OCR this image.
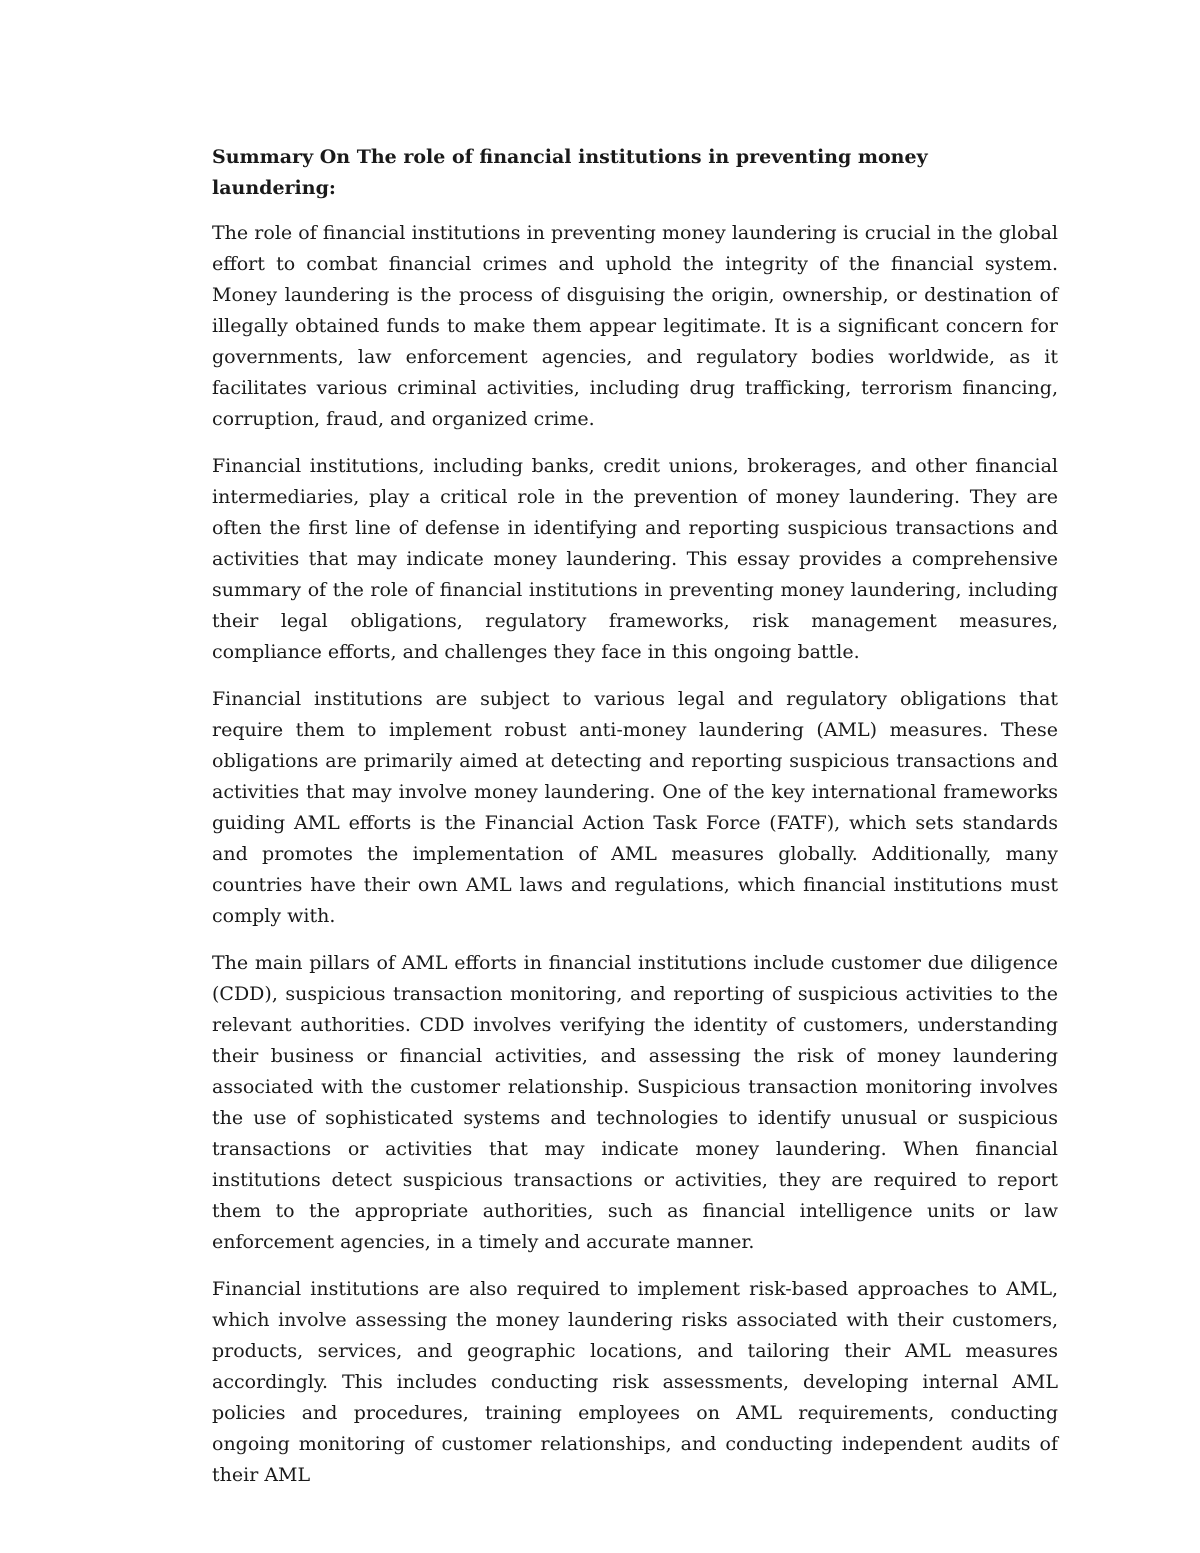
Summary On The role of financial institutions in preventing money laundering:

The role of financial institutions in preventing money laundering is crucial in the global effort to combat financial crimes and uphold the integrity of the financial system. Money laundering is the process of disguising the origin, ownership, or destination of illegally obtained funds to make them appear legitimate. It is a significant concern for governments, law enforcement agencies, and regulatory bodies worldwide, as it facilitates various criminal activities, including drug trafficking, terrorism financing, corruption, fraud, and organized crime.

Financial institutions, including banks, credit unions, brokerages, and other financial intermediaries, play a critical role in the prevention of money laundering. They are often the first line of defense in identifying and reporting suspicious transactions and activities that may indicate money laundering. This essay provides a comprehensive summary of the role of financial institutions in preventing money laundering, including their legal obligations, regulatory frameworks, risk management measures, compliance efforts, and challenges they face in this ongoing battle.

Financial institutions are subject to various legal and regulatory obligations that require them to implement robust anti-money laundering (AML) measures. These obligations are primarily aimed at detecting and reporting suspicious transactions and activities that may involve money laundering. One of the key international frameworks guiding AML efforts is the Financial Action Task Force (FATF), which sets standards and promotes the implementation of AML measures globally. Additionally, many countries have their own AML laws and regulations, which financial institutions must comply with.

The main pillars of AML efforts in financial institutions include customer due diligence (CDD), suspicious transaction monitoring, and reporting of suspicious activities to the relevant authorities. CDD involves verifying the identity of customers, understanding their business or financial activities, and assessing the risk of money laundering associated with the customer relationship. Suspicious transaction monitoring involves the use of sophisticated systems and technologies to identify unusual or suspicious transactions or activities that may indicate money laundering. When financial institutions detect suspicious transactions or activities, they are required to report them to the appropriate authorities, such as financial intelligence units or law enforcement agencies, in a timely and accurate manner.

Financial institutions are also required to implement risk-based approaches to AML, which involve assessing the money laundering risks associated with their customers, products, services, and geographic locations, and tailoring their AML measures accordingly. This includes conducting risk assessments, developing internal AML policies and procedures, training employees on AML requirements, conducting ongoing monitoring of customer relationships, and conducting independent audits of their AML
